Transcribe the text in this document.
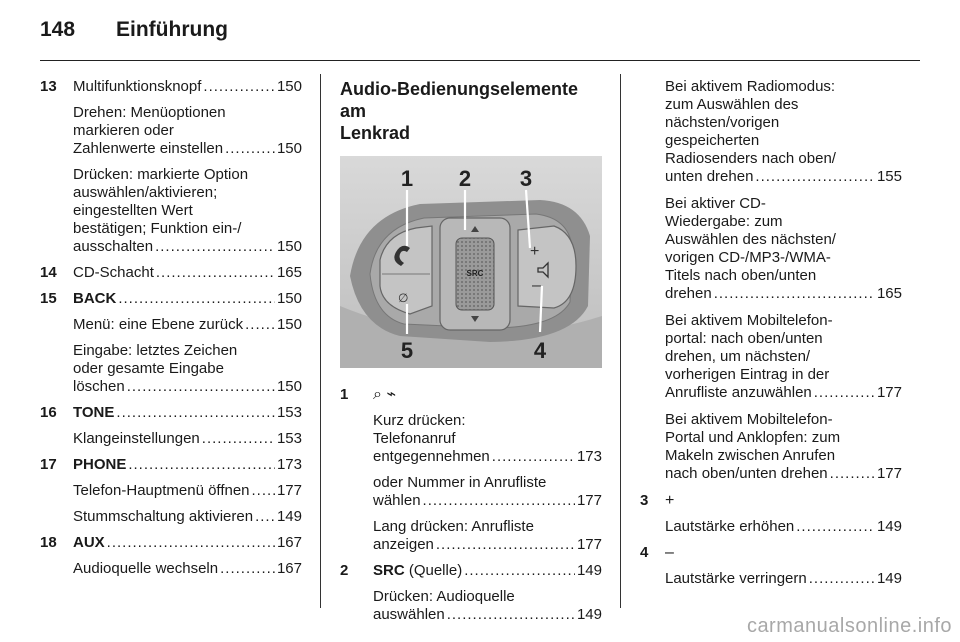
148 Einführung
13 Multifunktionsknopf .....	150
Drehen: Menüoptionen
markieren oder
Zahlenwerte einstellen .....	150
Drücken: markierte Option
auswählen/aktivieren;
eingestellten Wert
bestätigen; Funktion ein-/
ausschalten .....	150
14 CD-Schacht .....	165
15 BACK .....	150
Menü: eine Ebene zurück ..... 150
Eingabe: letztes Zeichen
oder gesamte Eingabe
löschen .....	150
16 TONE .....	153
Klangeinstellungen .....	153
17 PHONE .....	173
Telefon-Hauptmenü öffnen ..... 177
Stummschaltung aktivieren ..... 149
18 AUX .....	167
Audioquelle wechseln .....	167
Audio-Bedienungselemente am
Lenkrad
∅
SRC
+
–
1 2 3
4
5
1 ⌕ ⌁
Kurz drücken:
Telefonanruf
entgegennehmen .....	173
oder Nummer in Anrufliste
wählen .....	177
Lang drücken: Anrufliste
anzeigen .....	177
2 SRC (Quelle) .....	149
Drücken: Audioquelle
auswählen .....	149
Bei aktivem Radiomodus:
zum Auswählen des
nächsten/vorigen
gespeicherten
Radiosenders nach oben/
unten drehen .....	155
Bei aktiver CD-
Wiedergabe: zum
Auswählen des nächsten/
vorigen CD-/MP3-/WMA-
Titels nach oben/unten
drehen .....	165
Bei aktivem Mobiltelefon-
portal: nach oben/unten
drehen, um nächsten/
vorherigen Eintrag in der
Anrufliste anzuwählen .....	177
Bei aktivem Mobiltelefon-
Portal und Anklopfen: zum
Makeln zwischen Anrufen
nach oben/unten drehen .....	177
3 +
Lautstärke erhöhen .....	149
4 –
Lautstärke verringern .....	149
carmanualsonline.info
